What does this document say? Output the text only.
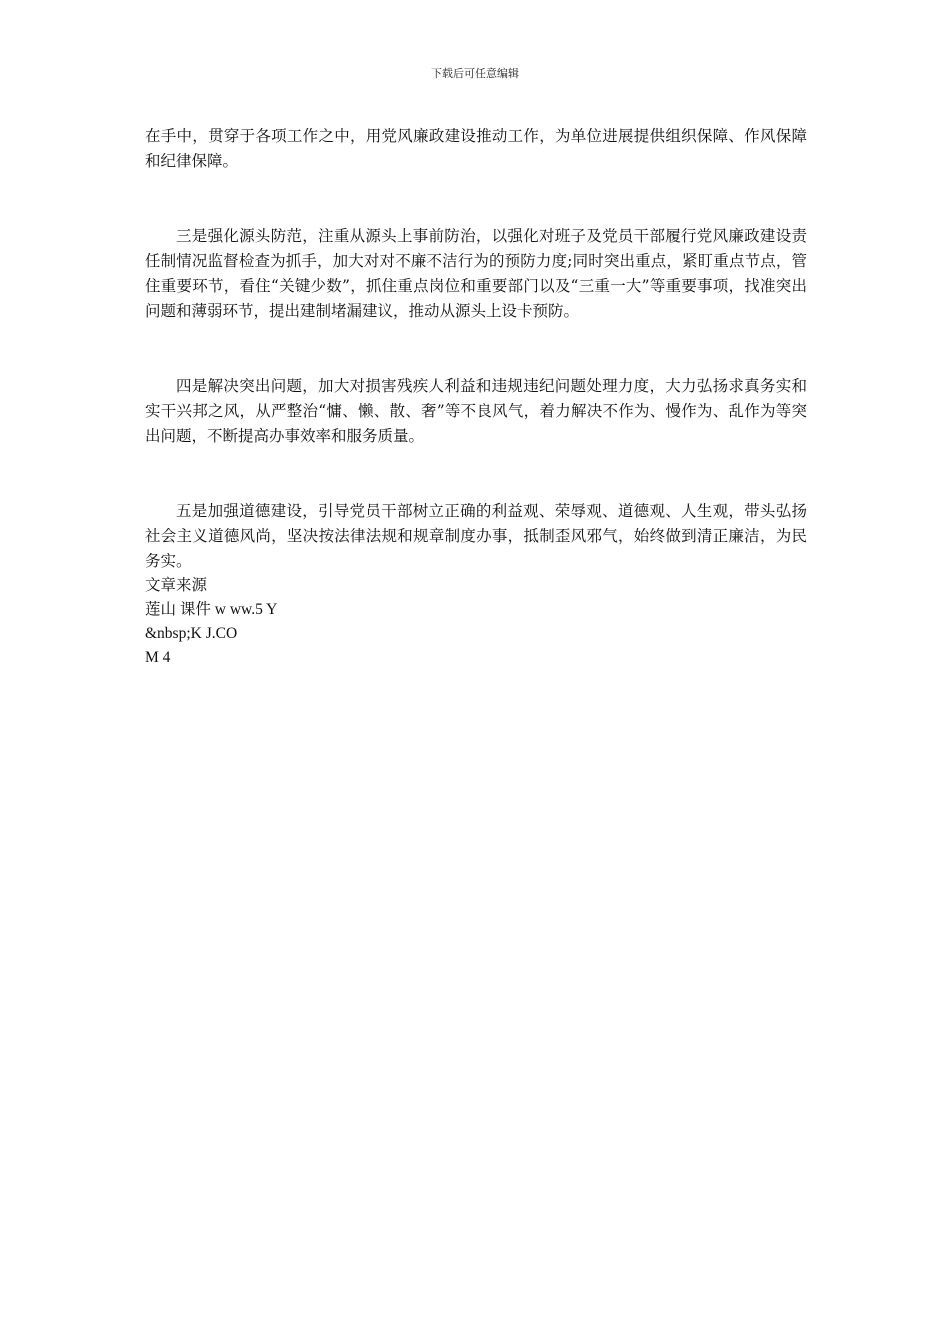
下载后可任意编辑

在手中，贯穿于各项工作之中，用党风廉政建设推动工作，为单位进展提供组织保障、作风保障和纪律保障。

三是强化源头防范，注重从源头上事前防治，以强化对班子及党员干部履行党风廉政建设责任制情况监督检查为抓手，加大对对不廉不洁行为的预防力度;同时突出重点，紧盯重点节点，管住重要环节，看住“关键少数”，抓住重点岗位和重要部门以及“三重一大”等重要事项，找准突出问题和薄弱环节，提出建制堵漏建议，推动从源头上设卡预防。

四是解决突出问题，加大对损害残疾人利益和违规违纪问题处理力度，大力弘扬求真务实和实干兴邦之风，从严整治“慵、懒、散、奢”等不良风气，着力解决不作为、慢作为、乱作为等突出问题，不断提高办事效率和服务质量。

五是加强道德建设，引导党员干部树立正确的利益观、荣辱观、道德观、人生观，带头弘扬社会主义道德风尚，坚决按法律法规和规章制度办事，抵制歪风邪气，始终做到清正廉洁，为民务实。

文章来源
莲山 课件 w ww.5 Y
&nbsp;K J.CO
M 4
